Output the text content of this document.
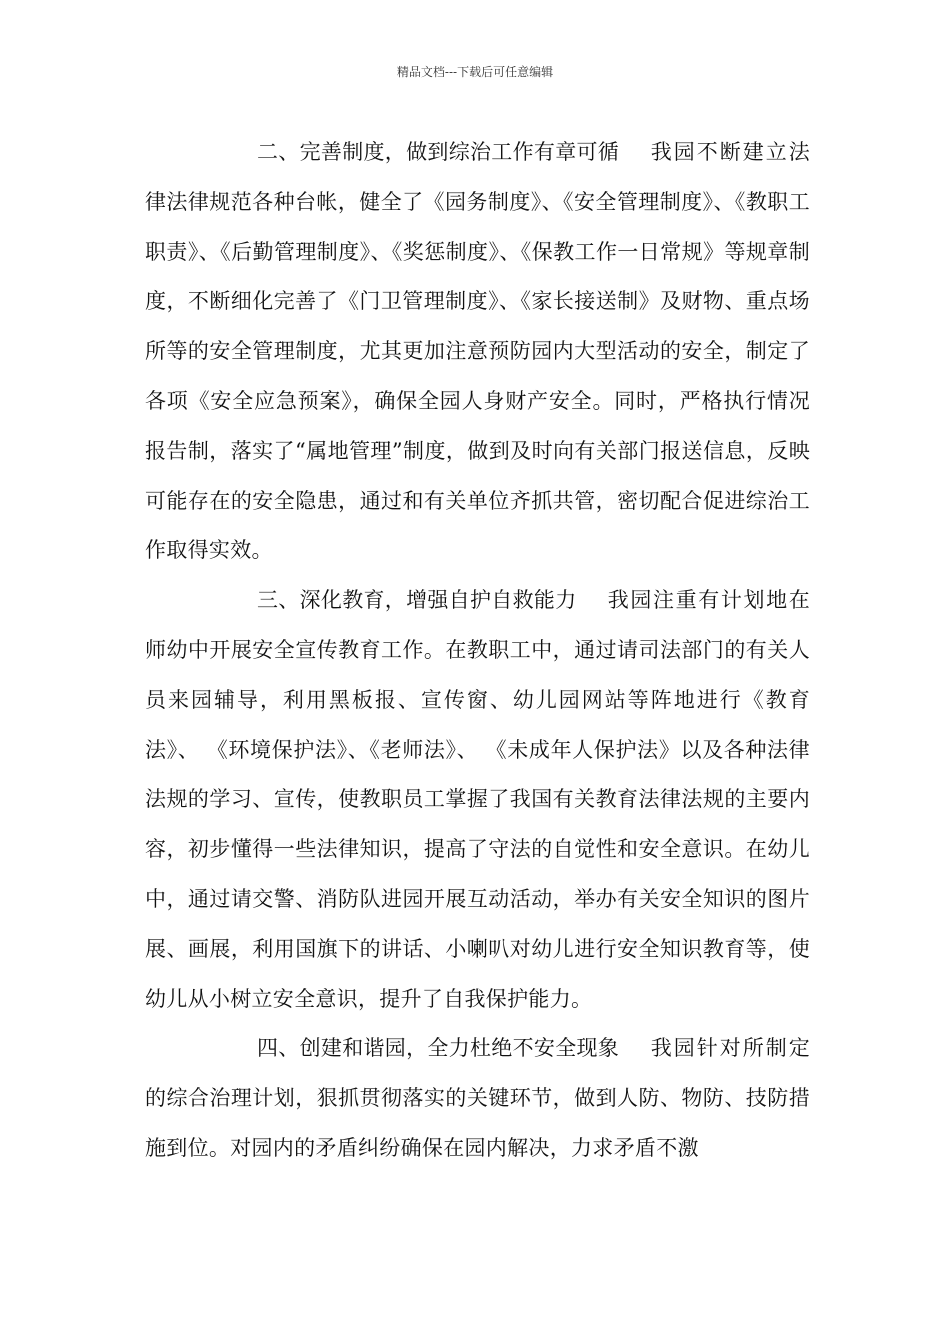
精品文档---下载后可任意编辑

二、完善制度，做到综治工作有章可循 我园不断建立法律法律规范各种台帐，健全了《园务制度》、《安全管理制度》、《教职工职责》、《后勤管理制度》、《奖惩制度》、《保教工作一日常规》等规章制度，不断细化完善了《门卫管理制度》、《家长接送制》及财物、重点场所等的安全管理制度，尤其更加注意预防园内大型活动的安全，制定了各项《安全应急预案》，确保全园人身财产安全。同时，严格执行情况报告制，落实了“属地管理”制度，做到及时向有关部门报送信息，反映可能存在的安全隐患，通过和有关单位齐抓共管，密切配合促进综治工作取得实效。

三、深化教育，增强自护自救能力 我园注重有计划地在师幼中开展安全宣传教育工作。在教职工中，通过请司法部门的有关人员来园辅导，利用黑板报、宣传窗、幼儿园网站等阵地进行《教育法》、 《环境保护法》、《老师法》、 《未成年人保护法》以及各种法律法规的学习、宣传，使教职员工掌握了我国有关教育法律法规的主要内容，初步懂得一些法律知识，提高了守法的自觉性和安全意识。在幼儿中，通过请交警、消防队进园开展互动活动，举办有关安全知识的图片展、画展，利用国旗下的讲话、小喇叭对幼儿进行安全知识教育等，使幼儿从小树立安全意识，提升了自我保护能力。

四、创建和谐园，全力杜绝不安全现象 我园针对所制定的综合治理计划，狠抓贯彻落实的关键环节，做到人防、物防、技防措施到位。对园内的矛盾纠纷确保在园内解决，力求矛盾不激
